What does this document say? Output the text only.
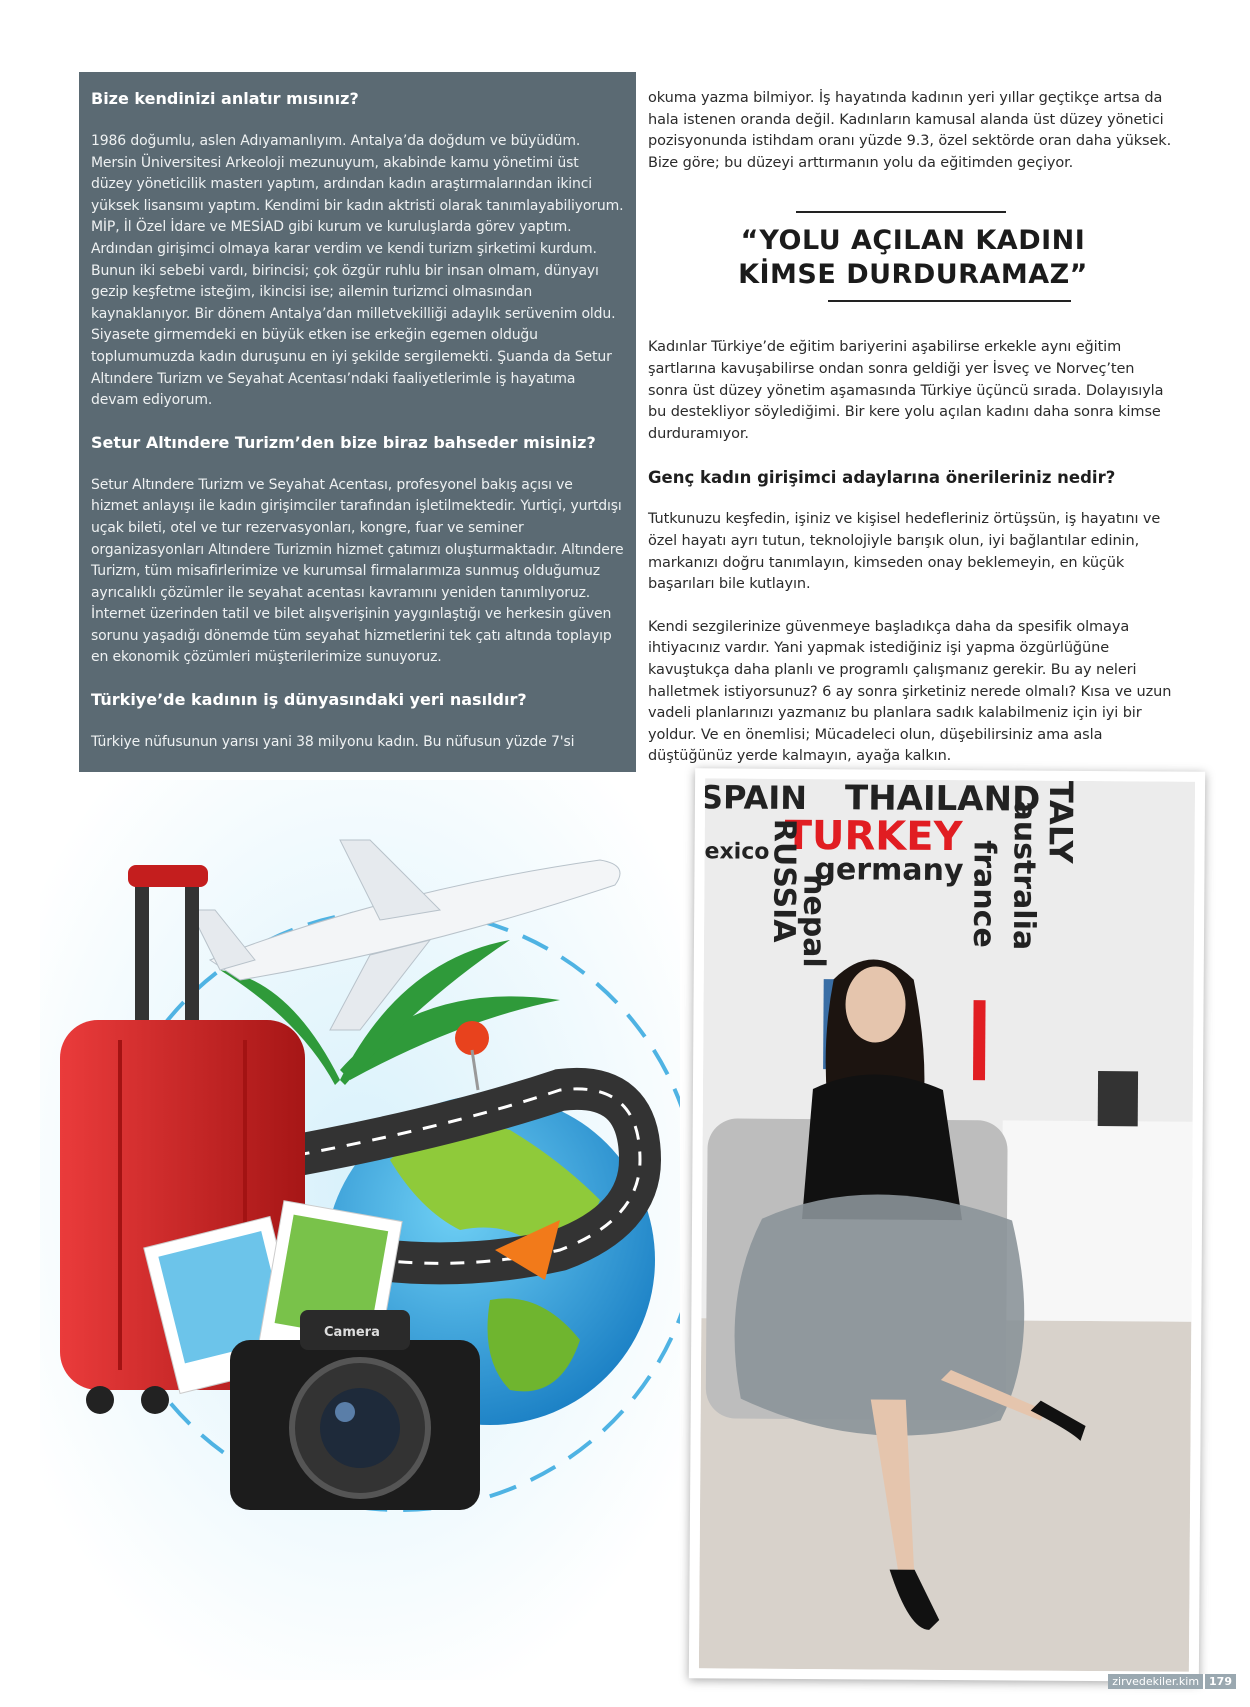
Bize kendinizi anlatır mısınız?

1986 doğumlu, aslen Adıyamanlıyım. Antalya’da doğdum ve büyüdüm. Mersin Üniversitesi Arkeoloji mezunuyum, akabinde kamu yönetimi üst düzey yöneticilik masterı yaptım, ardından kadın araştırmalarından ikinci yüksek lisansımı yaptım. Kendimi bir kadın aktristi olarak tanımlayabiliyorum. MİP, İl Özel İdare ve MESİAD gibi kurum ve kuruluşlarda görev yaptım. Ardından girişimci olmaya karar verdim ve kendi turizm şirketimi kurdum. Bunun iki sebebi vardı, birincisi; çok özgür ruhlu bir insan olmam, dünyayı gezip keşfetme isteğim, ikincisi ise; ailemin turizmci olmasından kaynaklanıyor. Bir dönem Antalya’dan milletvekilliği adaylık serüvenim oldu. Siyasete girmemdeki en büyük etken ise erkeğin egemen olduğu toplumumuzda kadın duruşunu en iyi şekilde sergilemekti. Şuanda da Setur Altındere Turizm ve Seyahat Acentası’ndaki faaliyetlerimle iş hayatıma devam ediyorum.

Setur Altındere Turizm’den bize biraz bahseder misiniz?

Setur Altındere Turizm ve Seyahat Acentası, profesyonel bakış açısı ve hizmet anlayışı ile kadın girişimciler tarafından işletilmektedir. Yurtiçi, yurtdışı uçak bileti, otel ve tur rezervasyonları, kongre, fuar ve seminer organizasyonları Altındere Turizmin hizmet çatımızı oluşturmaktadır. Altındere Turizm, tüm misafirlerimize ve kurumsal firmalarımıza sunmuş olduğumuz ayrıcalıklı çözümler ile seyahat acentası kavramını yeniden tanımlıyoruz. İnternet üzerinden tatil ve bilet alışverişinin yaygınlaştığı ve herkesin güven sorunu yaşadığı dönemde tüm seyahat hizmetlerini tek çatı altında toplayıp en ekonomik çözümleri müşterilerimize sunuyoruz.

Türkiye’de kadının iş dünyasındaki yeri nasıldır?

Türkiye nüfusunun yarısı yani 38 milyonu kadın. Bu nüfusun yüzde 7'si

okuma yazma bilmiyor. İş hayatında kadının yeri yıllar geçtikçe artsa da hala istenen oranda değil. Kadınların kamusal alanda üst düzey yönetici pozisyonunda istihdam oranı yüzde 9.3, özel sektörde oran daha yüksek. Bize göre; bu düzeyi arttırmanın yolu da eğitimden geçiyor.

“YOLU AÇILAN KADINI
KİMSE DURDURAMAZ”

Kadınlar Türkiye’de eğitim bariyerini aşabilirse erkekle aynı eğitim şartlarına kavuşabilirse ondan sonra geldiği yer İsveç ve Norveç’ten sonra üst düzey yönetim aşamasında Türkiye üçüncü sırada. Dolayısıyla bu destekliyor söylediğimi. Bir kere yolu açılan kadını daha sonra kimse durduramıyor.

Genç kadın girişimci adaylarına önerileriniz nedir?

Tutkunuzu keşfedin, işiniz ve kişisel hedefleriniz örtüşsün, iş hayatını ve özel hayatı ayrı tutun, teknolojiyle barışık olun, iyi bağlantılar edinin, markanızı doğru tanımlayın, kimseden onay beklemeyin, en küçük başarıları bile kutlayın.

Kendi sezgilerinize güvenmeye başladıkça daha da spesifik olmaya ihtiyacınız vardır. Yani yapmak istediğiniz işi yapma özgürlüğüne kavuştukça daha planlı ve programlı çalışmanız gerekir. Bu ay neleri halletmek istiyorsunuz? 6 ay sonra şirketiniz nerede olmalı? Kısa ve uzun vadeli planlarınızı yazmanız bu planlara sadık kalabilmeniz için iyi bir yoldur. Ve en önemlisi; Mücadeleci olun, düşebilirsiniz ama asla düştüğünüz yerde kalmayın, ayağa kalkın.

Camera
SPAIN THAILAND
TURKEY
exico
germany
TALY
RUSSIA
nepal	france australia
zirvedekiler.kim 179
